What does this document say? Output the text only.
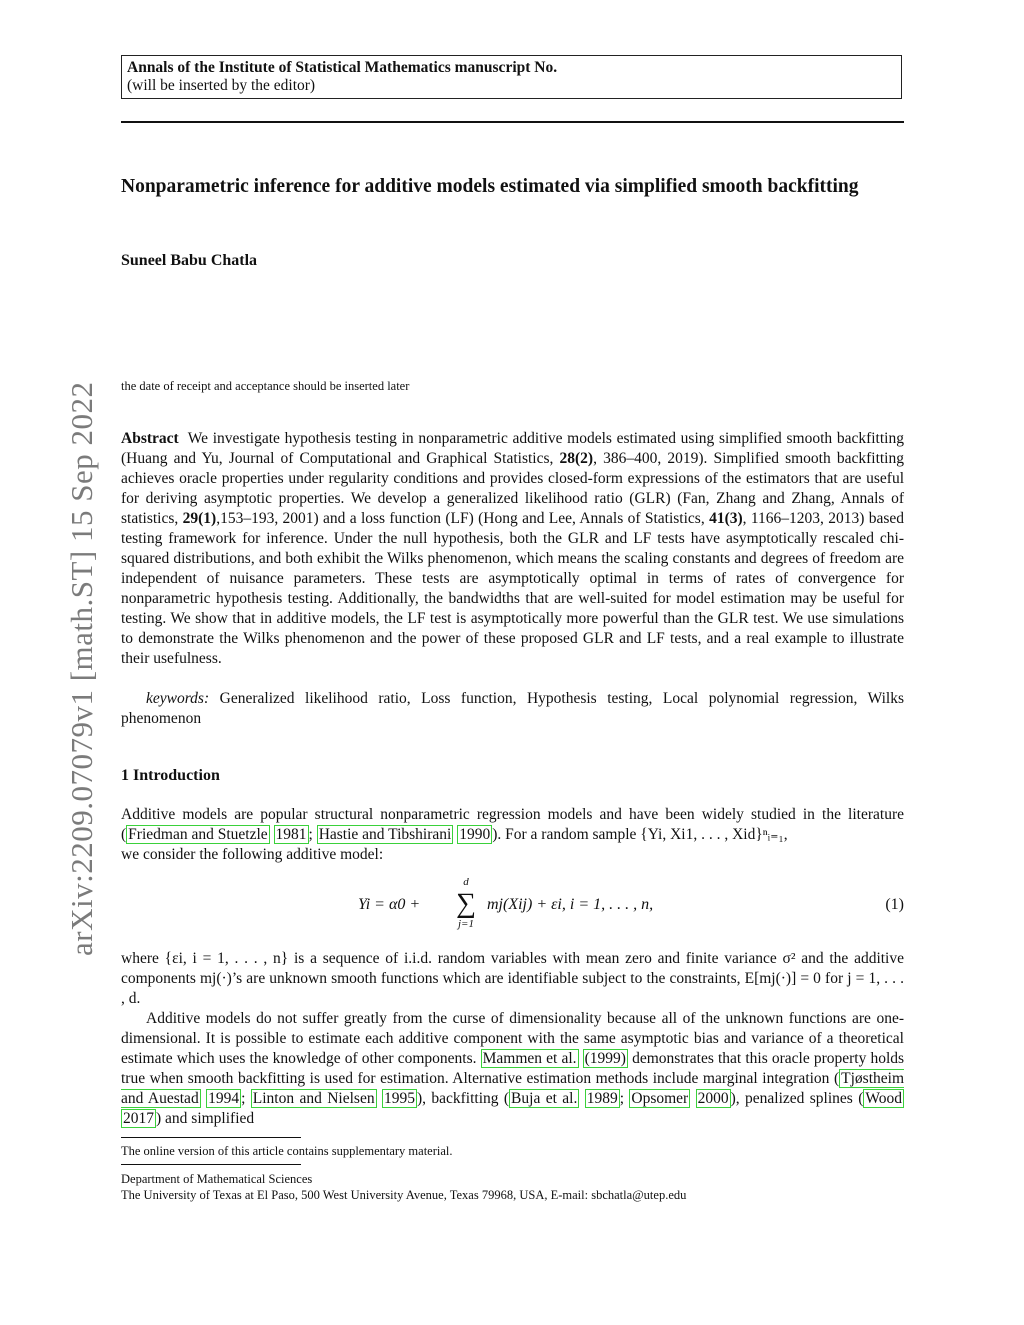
arXiv:2209.07079v1 [math.ST] 15 Sep 2022
Annals of the Institute of Statistical Mathematics manuscript No.
(will be inserted by the editor)
Nonparametric inference for additive models estimated via simplified smooth backfitting
Suneel Babu Chatla
the date of receipt and acceptance should be inserted later
Abstract We investigate hypothesis testing in nonparametric additive models estimated using simplified smooth backfitting (Huang and Yu, Journal of Computational and Graphical Statistics, 28(2), 386–400, 2019). Simplified smooth backfitting achieves oracle properties under regularity conditions and provides closed-form expressions of the estimators that are useful for deriving asymptotic properties. We develop a generalized likelihood ratio (GLR) (Fan, Zhang and Zhang, Annals of statistics, 29(1),153–193, 2001) and a loss function (LF) (Hong and Lee, Annals of Statistics, 41(3), 1166–1203, 2013) based testing framework for inference. Under the null hypothesis, both the GLR and LF tests have asymptotically rescaled chi-squared distributions, and both exhibit the Wilks phenomenon, which means the scaling constants and degrees of freedom are independent of nuisance parameters. These tests are asymptotically optimal in terms of rates of convergence for nonparametric hypothesis testing. Additionally, the bandwidths that are well-suited for model estimation may be useful for testing. We show that in additive models, the LF test is asymptotically more powerful than the GLR test. We use simulations to demonstrate the Wilks phenomenon and the power of these proposed GLR and LF tests, and a real example to illustrate their usefulness.
keywords: Generalized likelihood ratio, Loss function, Hypothesis testing, Local polynomial regression, Wilks phenomenon
1 Introduction
Additive models are popular structural nonparametric regression models and have been widely studied in the literature ( Friedman and Stuetzle 1981 ; Hastie and Tibshirani 1990 ). For a random sample {Yi, Xi1, . . . , Xid}ⁿᵢ₌₁,
we consider the following additive model:
Yi = α0 +
d
∑
j=1
mj(Xij) + εi, i = 1, . . . , n,	(1)
where {εi, i = 1, . . . , n} is a sequence of i.i.d. random variables with mean zero and finite variance σ² and the additive components mj(·)’s are unknown smooth functions which are identifiable subject to the constraints, E[mj(·)] = 0 for j = 1, . . . , d.
Additive models do not suffer greatly from the curse of dimensionality because all of the unknown functions are one-dimensional. It is possible to estimate each additive component with the same asymptotic bias and variance of a theoretical estimate which uses the knowledge of other components. Mammen et al. (1999) demonstrates that this oracle property holds true when smooth backfitting is used for estimation. Alternative estimation methods include marginal integration ( Tjøstheim and Auestad 1994 ; Linton and Nielsen 1995 ), backfitting ( Buja et al. 1989 ; Opsomer 2000 ), penalized splines ( Wood 2017 ) and simplified
The online version of this article contains supplementary material.
Department of Mathematical Sciences
The University of Texas at El Paso, 500 West University Avenue, Texas 79968, USA, E-mail: sbchatla@utep.edu
